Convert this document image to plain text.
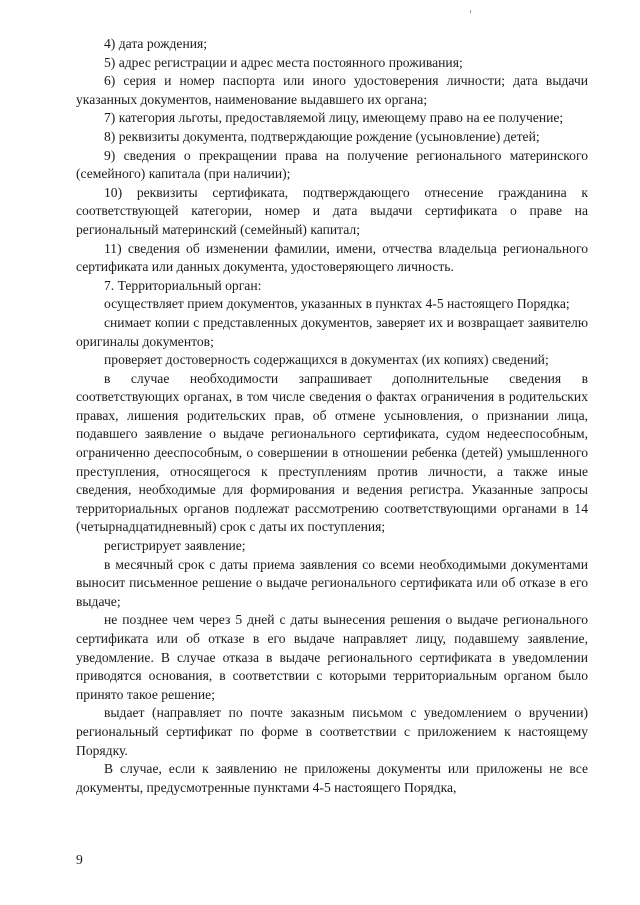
4) дата рождения;

5) адрес регистрации и адрес места постоянного проживания;

6) серия и номер паспорта или иного удостоверения личности; дата выдачи указанных документов, наименование выдавшего их органа;

7) категория льготы, предоставляемой лицу, имеющему право на ее получение;

8) реквизиты документа, подтверждающие рождение (усыновление) детей;

9) сведения о прекращении права на получение регионального материнского (семейного) капитала (при наличии);

10) реквизиты сертификата, подтверждающего отнесение гражданина к соответствующей категории, номер и дата выдачи сертификата о праве на региональный материнский (семейный) капитал;

11) сведения об изменении фамилии, имени, отчества владельца регионального сертификата или данных документа, удостоверяющего личность.

7. Территориальный орган:

осуществляет прием документов, указанных в пунктах 4-5 настоящего Порядка;

снимает копии с представленных документов, заверяет их и возвращает заявителю оригиналы документов;

проверяет достоверность содержащихся в документах (их копиях) сведений;

в случае необходимости запрашивает дополнительные сведения в соответствующих органах, в том числе сведения о фактах ограничения в родительских правах, лишения родительских прав, об отмене усыновления, о признании лица, подавшего заявление о выдаче регионального сертификата, судом недееспособным, ограниченно дееспособным, о совершении в отношении ребенка (детей) умышленного преступления, относящегося к преступлениям против личности, а также иные сведения, необходимые для формирования и ведения регистра. Указанные запросы территориальных органов подлежат рассмотрению соответствующими органами в 14 (четырнадцатидневный) срок с даты их поступления;

регистрирует заявление;

в месячный срок с даты приема заявления со всеми необходимыми документами выносит письменное решение о выдаче регионального сертификата или об отказе в его выдаче;

не позднее чем через 5 дней с даты вынесения решения о выдаче регионального сертификата или об отказе в его выдаче направляет лицу, подавшему заявление, уведомление. В случае отказа в выдаче регионального сертификата в уведомлении приводятся основания, в соответствии с которыми территориальным органом было принято такое решение;

выдает (направляет по почте заказным письмом с уведомлением о вручении) региональный сертификат по форме в соответствии с приложением к настоящему Порядку.

В случае, если к заявлению не приложены документы или приложены не все документы, предусмотренные пунктами 4-5 настоящего Порядка,

9
